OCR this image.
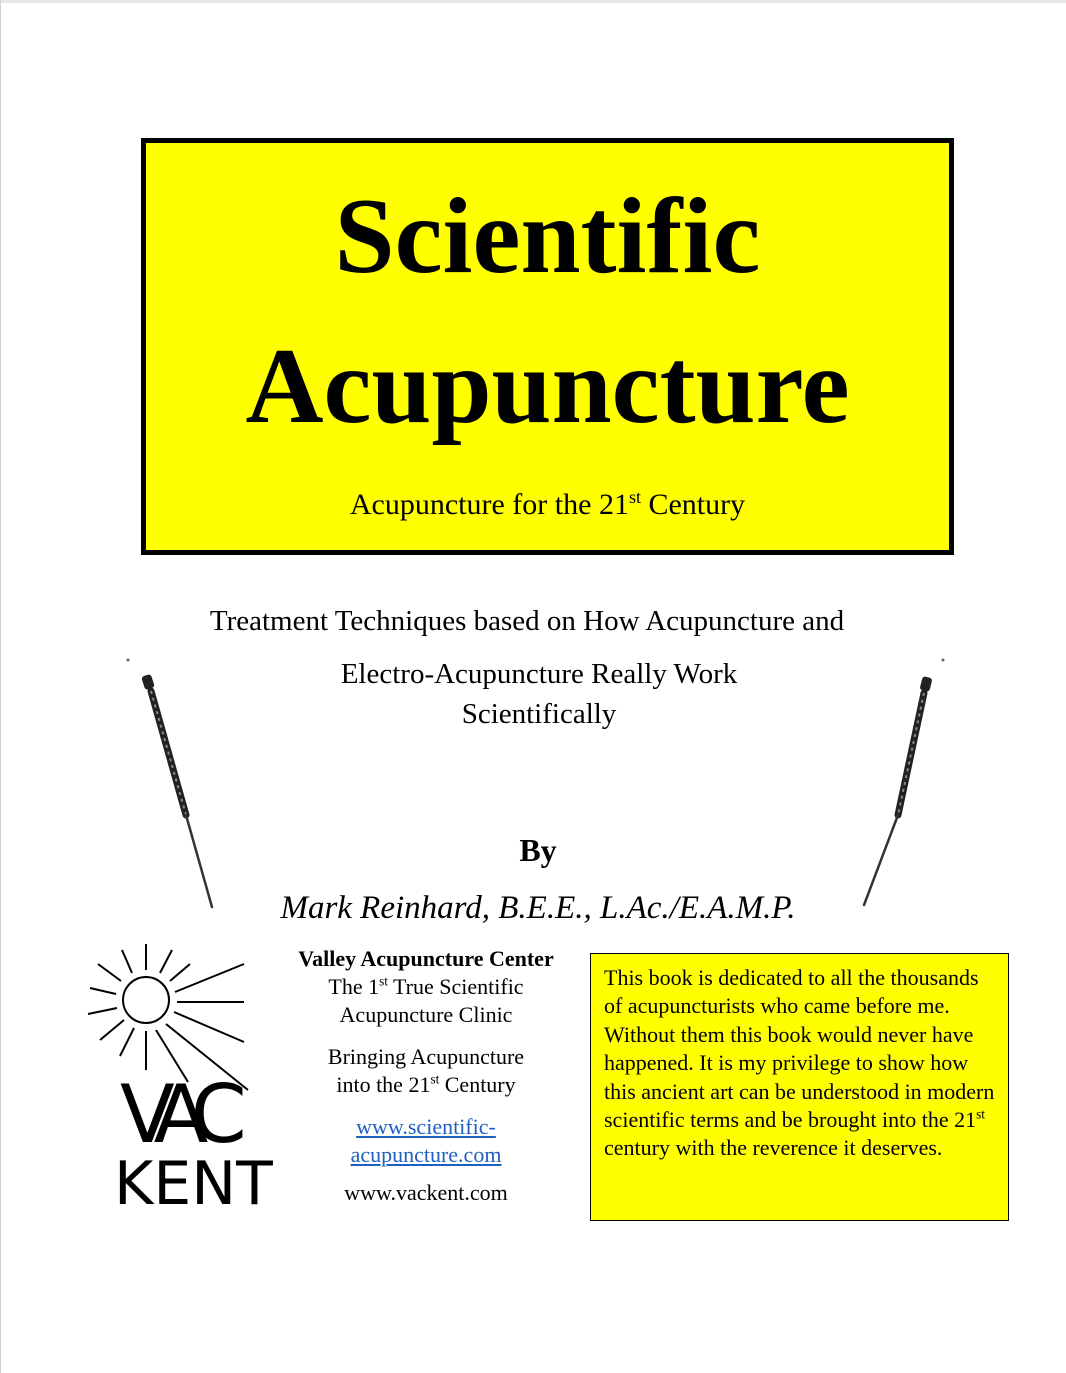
Scientific
Acupuncture
Acupuncture for the 21st Century
Treatment Techniques based on How Acupuncture and
Electro-Acupuncture Really Work
Scientifically
By
Mark Reinhard, B.E.E., L.Ac./E.A.M.P.
VAC
KENT
Valley Acupuncture Center
The 1st True Scientific
Acupuncture Clinic
Bringing Acupuncture
into the 21st Century
www.scientific-
acupuncture.com
www.vackent.com
This book is dedicated to all the thousands of acupuncturists who came before me. Without them this book would never have happened. It is my privilege to show how this ancient art can be understood in modern scientific terms and be brought into the 21st century with the reverence it deserves.
